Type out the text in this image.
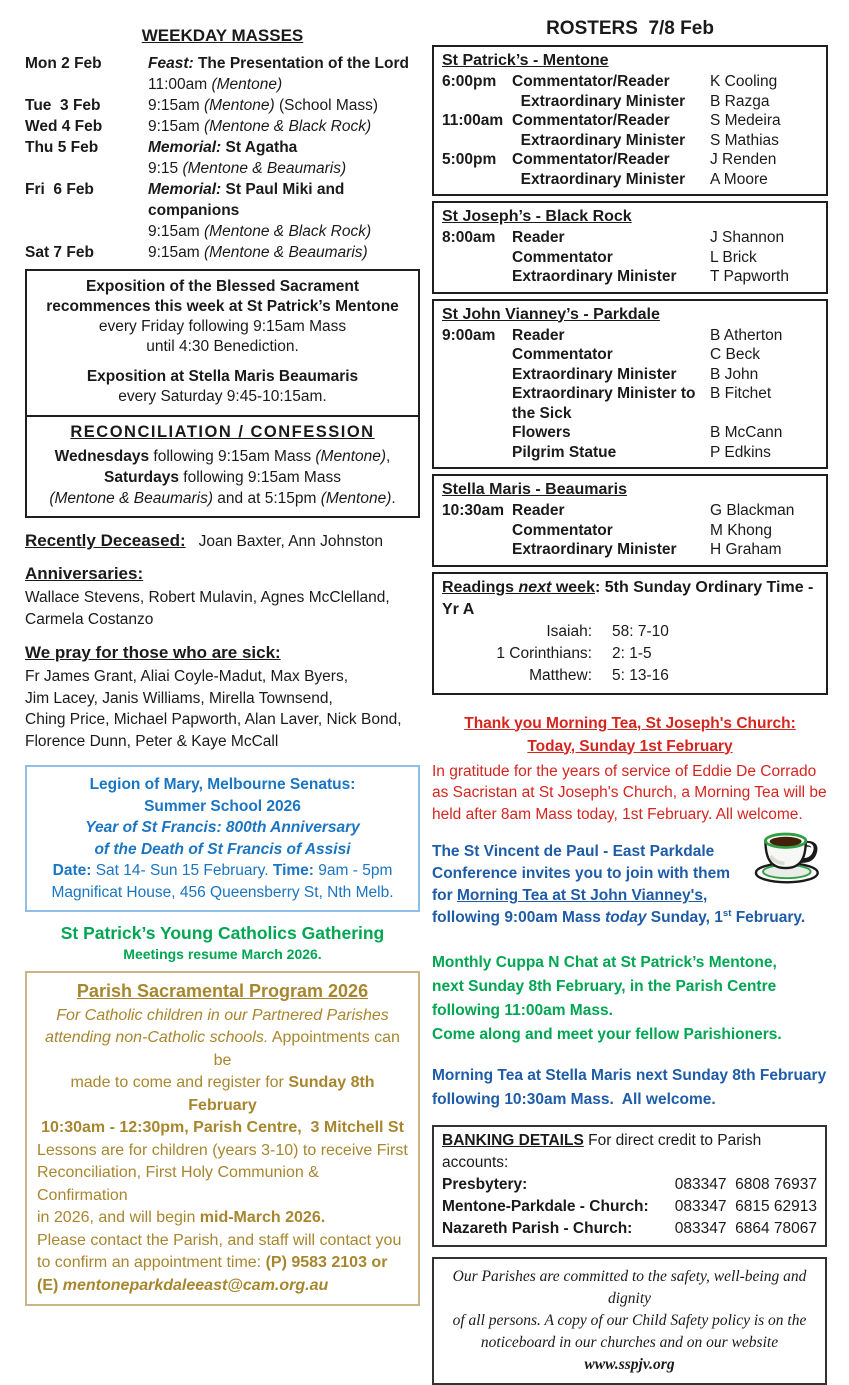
WEEKDAY MASSES
Mon 2 Feb	Feast: The Presentation of the Lord
11:00am (Mentone)
Tue  3 Feb	9:15am (Mentone) (School Mass)
Wed 4 Feb	9:15am (Mentone & Black Rock)
Thu 5 Feb	Memorial: St Agatha
9:15 (Mentone & Beaumaris)
Fri  6 Feb	Memorial: St Paul Miki and companions
9:15am (Mentone & Black Rock)
Sat 7 Feb	9:15am (Mentone & Beaumaris)
Exposition of the Blessed Sacrament
recommences this week at St Patrick’s Mentone
every Friday following 9:15am Mass
until 4:30 Benediction.
Exposition at Stella Maris Beaumaris
every Saturday 9:45-10:15am.
RECONCILIATION / CONFESSION
Wednesdays following 9:15am Mass (Mentone),
Saturdays following 9:15am Mass
(Mentone & Beaumaris) and at 5:15pm (Mentone).
Recently Deceased: Joan Baxter, Ann Johnston
Anniversaries:
Wallace Stevens, Robert Mulavin, Agnes McClelland,
Carmela Costanzo
We pray for those who are sick:
Fr James Grant, Aliai Coyle-Madut, Max Byers,
Jim Lacey, Janis Williams, Mirella Townsend,
Ching Price, Michael Papworth, Alan Laver, Nick Bond,
Florence Dunn, Peter & Kaye McCall
Legion of Mary, Melbourne Senatus:
Summer School 2026
Year of St Francis: 800th Anniversary
of the Death of St Francis of Assisi
Date: Sat 14- Sun 15 February. Time: 9am - 5pm
Magnificat House, 456 Queensberry St, Nth Melb.
St Patrick’s Young Catholics Gathering
Meetings resume March 2026.
Parish Sacramental Program 2026
For Catholic children in our Partnered Parishes
attending non-Catholic schools. Appointments can be
made to come and register for Sunday 8th February
10:30am - 12:30pm, Parish Centre,  3 Mitchell St
Lessons are for children (years 3-10) to receive First
Reconciliation, First Holy Communion & Confirmation
in 2026, and will begin mid-March 2026.
Please contact the Parish, and staff will contact you
to confirm an appointment time: (P) 9583 2103 or
(E) mentoneparkdaleeast@cam.org.au
ROSTERS  7/8 Feb
St Patrick’s - Mentone
6:00pm	Commentator/Reader	K Cooling
Extraordinary Minister	B Razga
11:00am Commentator/Reader	S Medeira
Extraordinary Minister	S Mathias
5:00pm	Commentator/Reader	J Renden
Extraordinary Minister	A Moore
St Joseph’s - Black Rock
8:00am	Reader	J Shannon
Commentator	L Brick
Extraordinary Minister	T Papworth
St John Vianney’s - Parkdale
9:00am	Reader	B Atherton
Commentator	C Beck
Extraordinary Minister	B John
Extraordinary Minister to the Sick
B Fitchet
Flowers	B McCann
Pilgrim Statue	P Edkins
Stella Maris - Beaumaris
10:30am Reader	G Blackman
Commentator	M Khong
Extraordinary Minister	H Graham
Readings next week: 5th Sunday Ordinary Time - Yr A
Isaiah:	58: 7-10
1 Corinthians:	2: 1-5
Matthew:	5: 13-16
Thank you Morning Tea, St Joseph's Church:
Today, Sunday 1st February
In gratitude for the years of service of Eddie De Corrado as Sacristan at St Joseph's Church, a Morning Tea will be held after 8am Mass today, 1st February. All welcome.
The St Vincent de Paul - East Parkdale
Conference invites you to join with them
for Morning Tea at St John Vianney's,
following 9:00am Mass today Sunday, 1st February.
Monthly Cuppa N Chat at St Patrick’s Mentone,
next Sunday 8th February, in the Parish Centre
following 11:00am Mass.
Come along and meet your fellow Parishioners.
Morning Tea at Stella Maris next Sunday 8th February
following 10:30am Mass.  All welcome.
BANKING DETAILS For direct credit to Parish accounts:
Presbytery:	083347  6808 76937
Mentone-Parkdale - Church: 083347  6815 62913
Nazareth Parish - Church:	083347  6864 78067
Our Parishes are committed to the safety, well-being and dignity
of all persons. A copy of our Child Safety policy is on the
noticeboard in our churches and on our website www.sspjv.org
